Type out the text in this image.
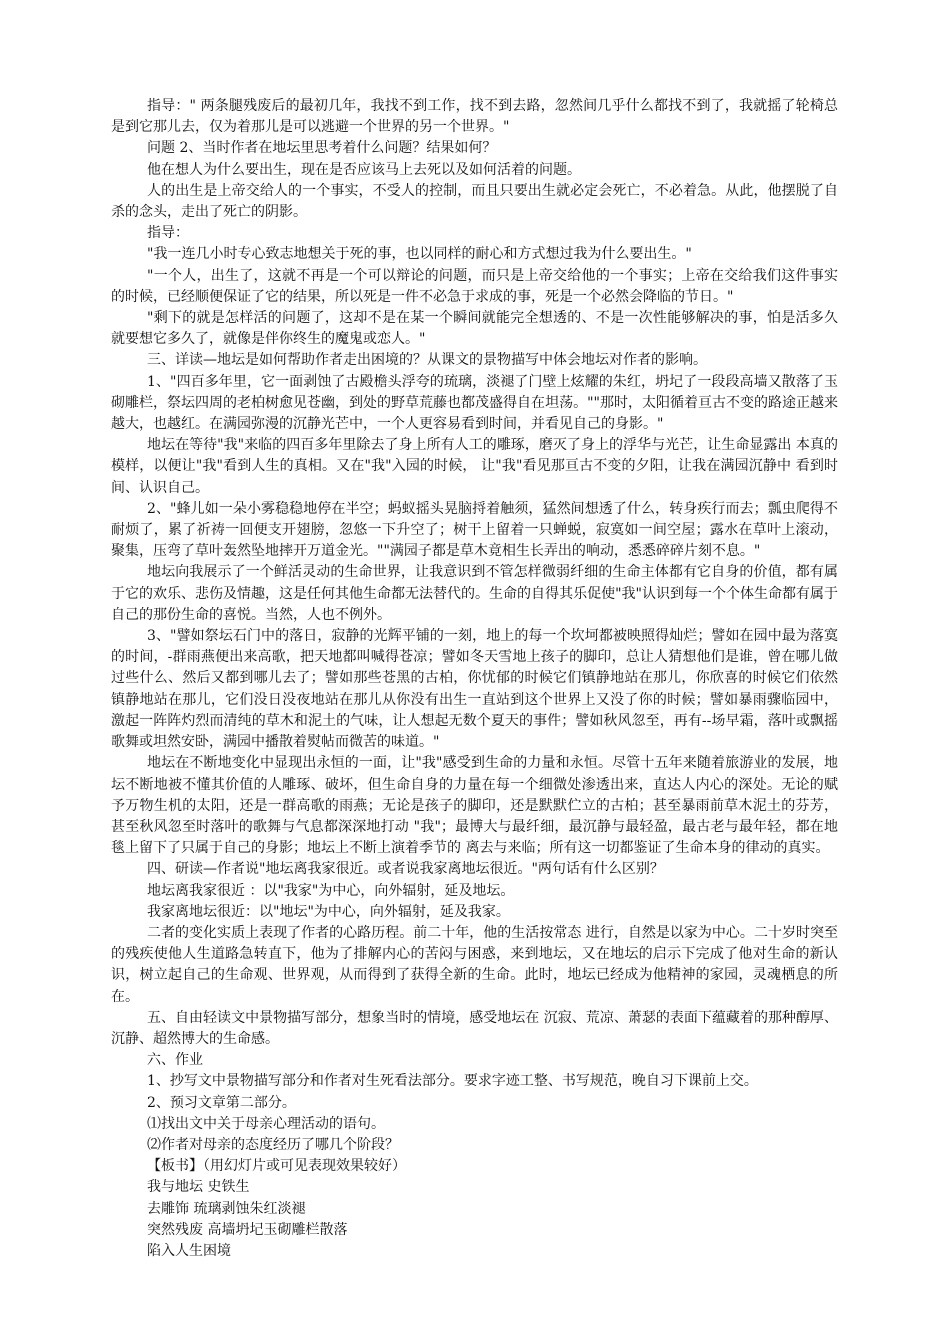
指导：" 两条腿残废后的最初几年，我找不到工作，找不到去路，忽然间几乎什么都找不到了，我就摇了轮椅总是到它那儿去，仅为着那儿是可以逃避一个世界的另一个世界。"

问题 2、当时作者在地坛里思考着什么问题？结果如何？

他在想人为什么要出生，现在是否应该马上去死以及如何活着的问题。

人的出生是上帝交给人的一个事实，不受人的控制，而且只要出生就必定会死亡，不必着急。从此，他摆脱了自杀的念头，走出了死亡的阴影。

指导：

"我一连几小时专心致志地想关于死的事，也以同样的耐心和方式想过我为什么要出生。"

"一个人，出生了，这就不再是一个可以辩论的问题，而只是上帝交给他的一个事实；上帝在交给我们这件事实的时候，已经顺便保证了它的结果，所以死是一件不必急于求成的事，死是一个必然会降临的节日。"

"剩下的就是怎样活的问题了，这却不是在某一个瞬间就能完全想透的、不是一次性能够解决的事，怕是活多久就要想它多久了，就像是伴你终生的魔鬼或恋人。"

三、详读—地坛是如何帮助作者走出困境的？从课文的景物描写中体会地坛对作者的影响。

1、"四百多年里，它一面剥蚀了古殿檐头浮夸的琉璃，淡褪了门壁上炫耀的朱红，坍圮了一段段高墙又散落了玉砌雕栏，祭坛四周的老柏树愈见苍幽，到处的野草荒藤也都茂盛得自在坦荡。""那时，太阳循着亘古不变的路途正越来越大，也越红。在满园弥漫的沉静光芒中，一个人更容易看到时间，并看见自己的身影。"

地坛在等待"我"来临的四百多年里除去了身上所有人工的雕琢，磨灭了身上的浮华与光芒，让生命显露出 本真的模样，以便让"我"看到人生的真相。又在"我"入园的时候， 让"我"看见那亘古不变的夕阳，让我在满园沉静中 看到时间、认识自己。

2、"蜂儿如一朵小雾稳稳地停在半空；蚂蚁摇头晃脑捋着触须，猛然间想透了什么，转身疾行而去；瓢虫爬得不耐烦了，累了祈祷一回便支开翅膀，忽悠一下升空了；树干上留着一只蝉蜕，寂寞如一间空屋；露水在草叶上滚动，聚集，压弯了草叶轰然坠地摔开万道金光。""满园子都是草木竟相生长弄出的响动，悉悉碎碎片刻不息。"

地坛向我展示了一个鲜活灵动的生命世界，让我意识到不管怎样微弱纤细的生命主体都有它自身的价值，都有属于它的欢乐、悲伤及情趣，这是任何其他生命都无法替代的。生命的自得其乐促使"我"认识到每一个个体生命都有属于自己的那份生命的喜悦。当然，人也不例外。

3、"譬如祭坛石门中的落日，寂静的光辉平铺的一刻，地上的每一个坎坷都被映照得灿烂；譬如在园中最为落寞的时间，-群雨燕便出来高歌，把天地都叫喊得苍凉；譬如冬天雪地上孩子的脚印，总让人猜想他们是谁，曾在哪儿做过些什么、然后又都到哪儿去了；譬如那些苍黑的古柏，你忧郁的时候它们镇静地站在那儿，你欣喜的时候它们依然镇静地站在那儿，它们没日没夜地站在那儿从你没有出生一直站到这个世界上又没了你的时候；譬如暴雨骤临园中，激起一阵阵灼烈而清纯的草木和泥土的气味，让人想起无数个夏天的事件；譬如秋风忽至，再有--场早霜，落叶或飘摇歌舞或坦然安卧，满园中播散着熨帖而微苦的味道。"

地坛在不断地变化中显现出永恒的一面，让"我"感受到生命的力量和永恒。尽管十五年来随着旅游业的发展，地坛不断地被不懂其价值的人雕琢、破坏，但生命自身的力量在每一个细微处渗透出来，直达人内心的深处。无论的赋予万物生机的太阳，还是一群高歌的雨燕；无论是孩子的脚印，还是默默伫立的古柏；甚至暴雨前草木泥土的芬芳，甚至秋风忽至时落叶的歌舞与气息都深深地打动 "我"；最博大与最纤细，最沉静与最轻盈，最古老与最年轻，都在地毯上留下了只属于自己的身影；地坛上不断上演着季节的 离去与来临；所有这一切都鉴证了生命本身的律动的真实。

四、研读—作者说"地坛离我家很近。或者说我家离地坛很近。"两句话有什么区别？

地坛离我家很近 ：以"我家"为中心，向外辐射，延及地坛。

我家离地坛很近：以"地坛"为中心，向外辐射，延及我家。

二者的变化实质上表现了作者的心路历程。前二十年，他的生活按常态 进行，自然是以家为中心。二十岁时突至的残疾使他人生道路急转直下，他为了排解内心的苦闷与困惑，来到地坛，又在地坛的启示下完成了他对生命的新认识，树立起自己的生命观、世界观，从而得到了获得全新的生命。此时，地坛已经成为他精神的家园，灵魂栖息的所在。

五、自由轻读文中景物描写部分，想象当时的情境，感受地坛在 沉寂、荒凉、萧瑟的表面下蕴藏着的那种醇厚、沉静、超然博大的生命感。

六、作业

1、抄写文中景物描写部分和作者对生死看法部分。要求字迹工整、书写规范，晚自习下课前上交。

2、预习文章第二部分。

⑴找出文中关于母亲心理活动的语句。

⑵作者对母亲的态度经历了哪几个阶段？

【板书】（用幻灯片或可见表现效果较好）

我与地坛 史铁生

去雕饰 琉璃剥蚀朱红淡褪

突然残废 高墙坍圮玉砌雕栏散落

陷入人生困境
